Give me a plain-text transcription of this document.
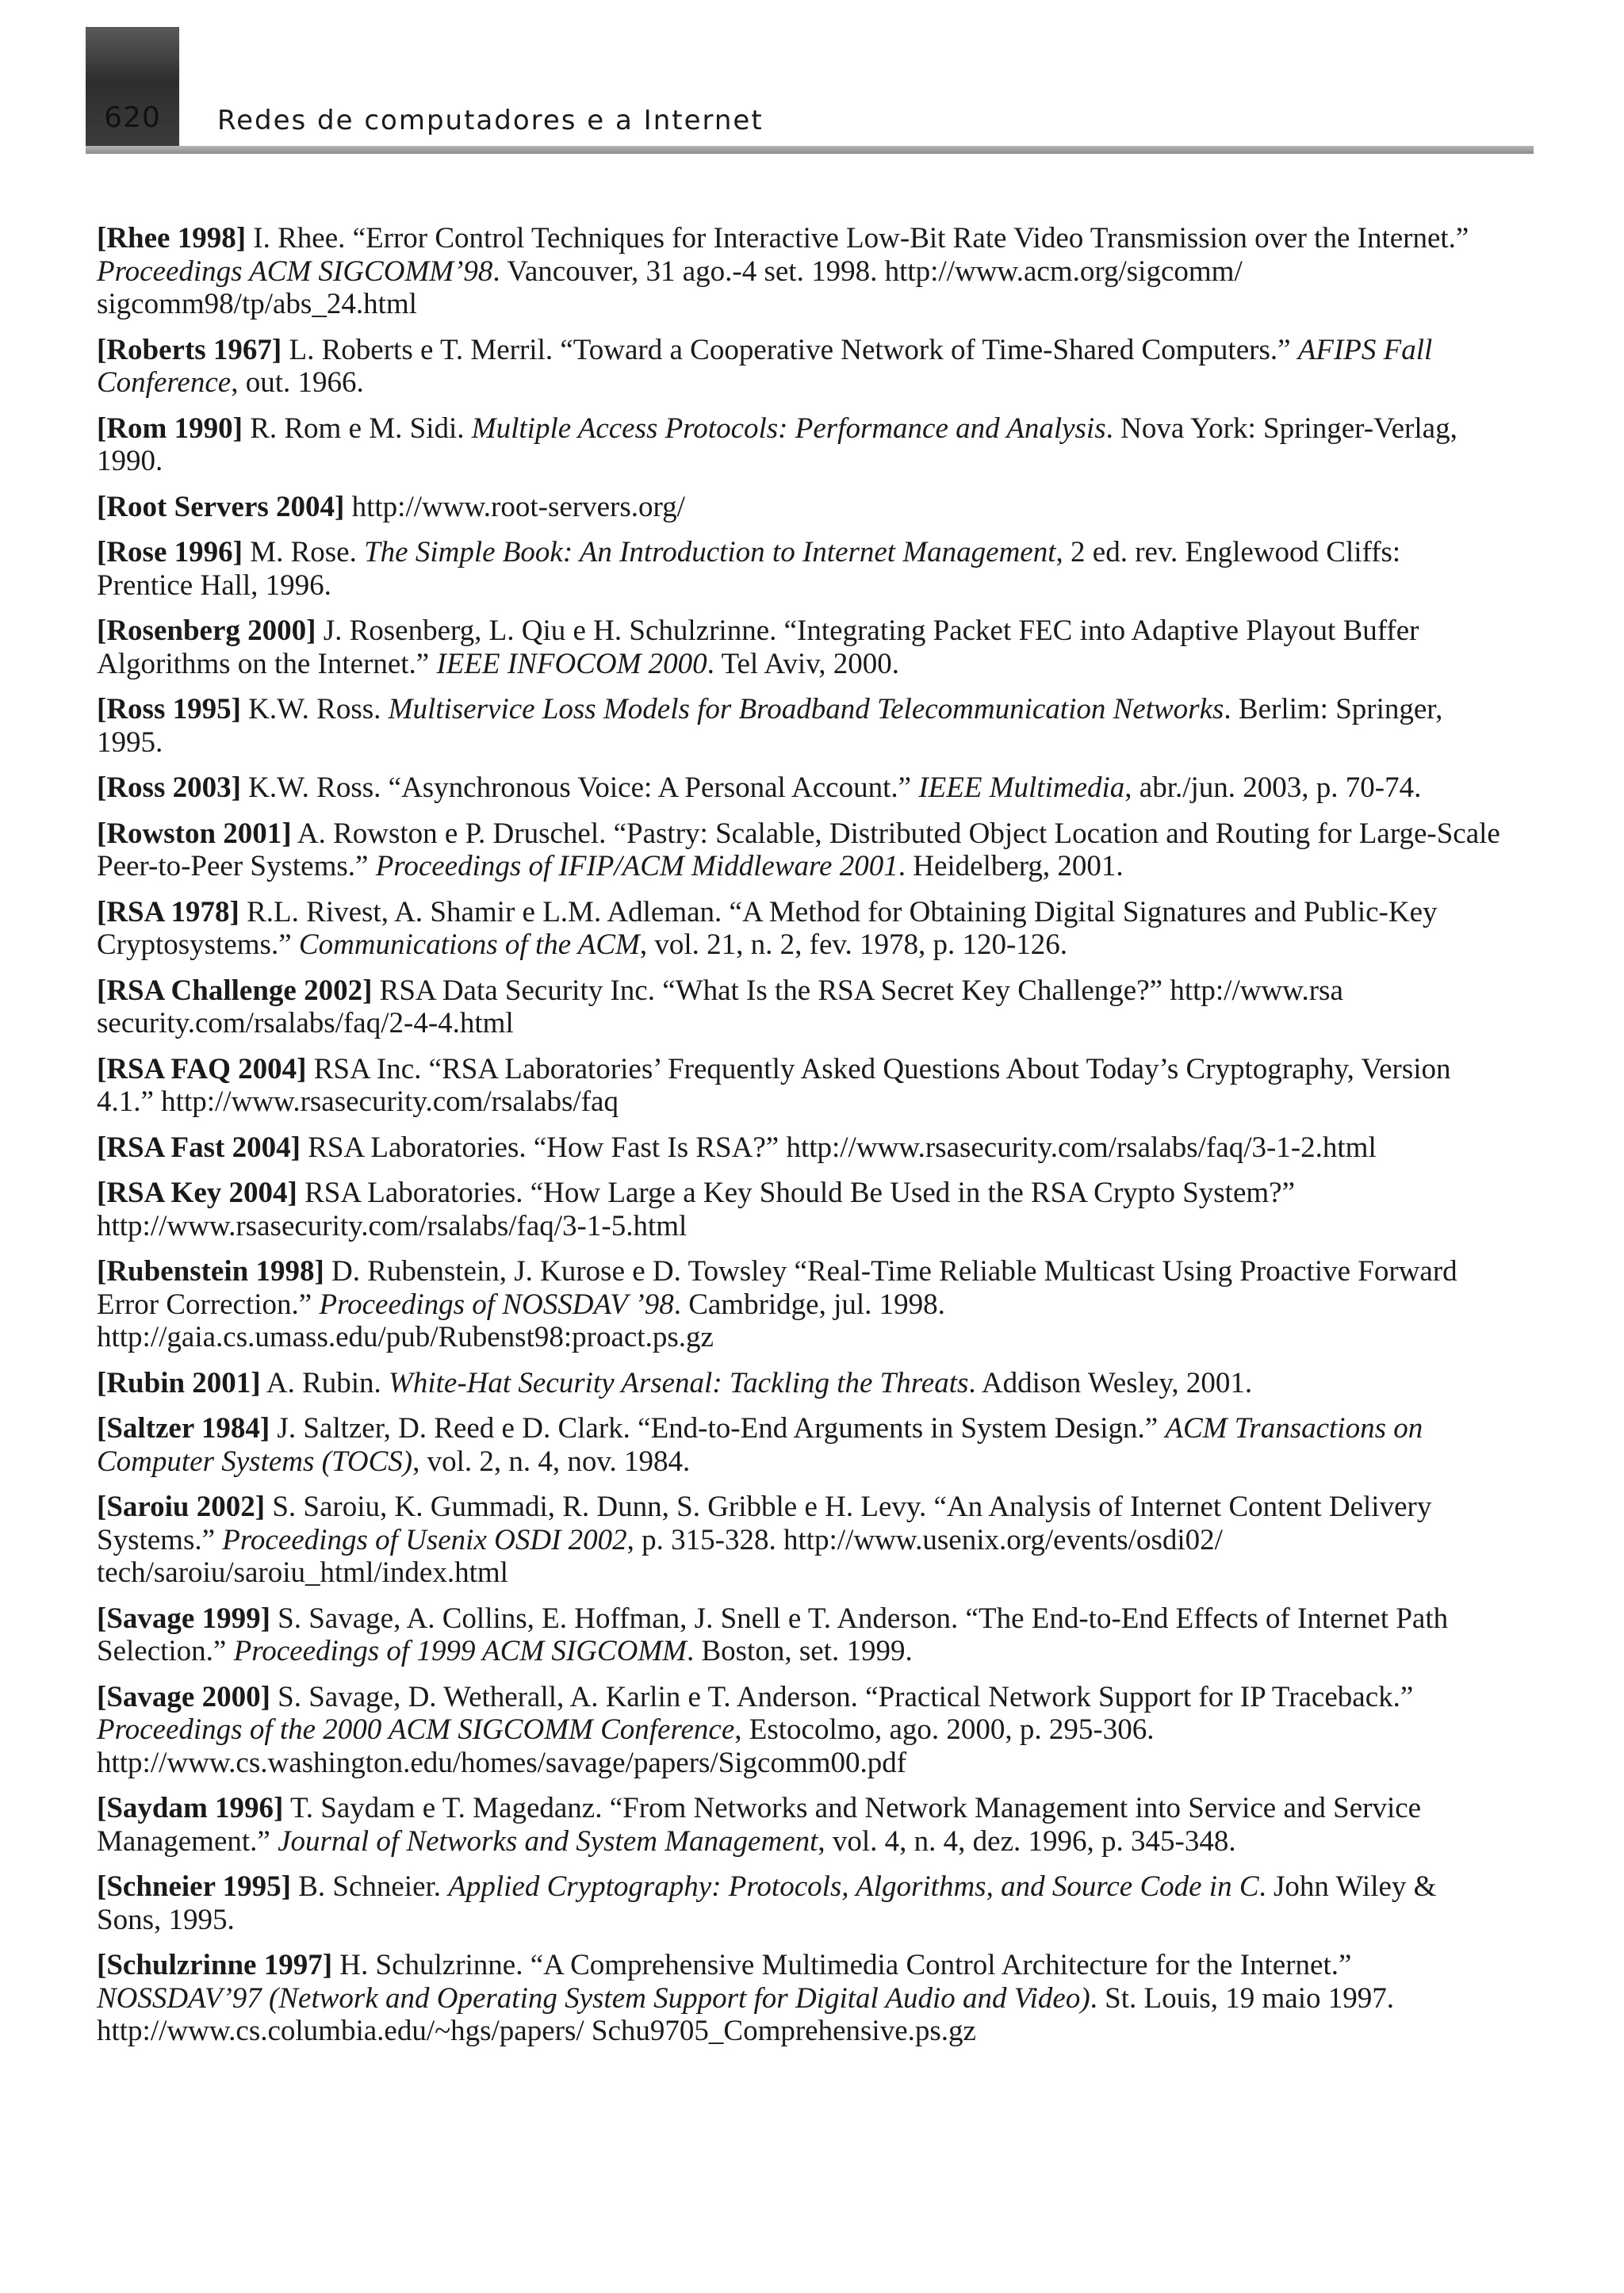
620	Redes de computadores e a Internet

[Rhee 1998] I. Rhee. “Error Control Techniques for Interactive Low-Bit Rate Video Transmission over the Internet.” Proceedings ACM SIGCOMM’98. Vancouver, 31 ago.-4 set. 1998. http://www.acm.org/sigcomm/ sigcomm98/tp/abs_24.html

[Roberts 1967] L. Roberts e T. Merril. “Toward a Cooperative Network of Time-Shared Computers.” AFIPS Fall Conference, out. 1966.

[Rom 1990] R. Rom e M. Sidi. Multiple Access Protocols: Performance and Analysis. Nova York: Springer-Verlag, 1990.

[Root Servers 2004] http://www.root-servers.org/

[Rose 1996] M. Rose. The Simple Book: An Introduction to Internet Management, 2 ed. rev. Englewood Cliffs: Prentice Hall, 1996.

[Rosenberg 2000] J. Rosenberg, L. Qiu e H. Schulzrinne. “Integrating Packet FEC into Adaptive Playout Buffer Algorithms on the Internet.” IEEE INFOCOM 2000. Tel Aviv, 2000.

[Ross 1995] K.W. Ross. Multiservice Loss Models for Broadband Telecommunication Networks. Berlim: Springer, 1995.

[Ross 2003] K.W. Ross. “Asynchronous Voice: A Personal Account.” IEEE Multimedia, abr./jun. 2003, p. 70-74.

[Rowston 2001] A. Rowston e P. Druschel. “Pastry: Scalable, Distributed Object Location and Routing for Large-Scale Peer-to-Peer Systems.” Proceedings of IFIP/ACM Middleware 2001. Heidelberg, 2001.

[RSA 1978] R.L. Rivest, A. Shamir e L.M. Adleman. “A Method for Obtaining Digital Signatures and Public-Key Cryptosystems.” Communications of the ACM, vol. 21, n. 2, fev. 1978, p. 120-126.

[RSA Challenge 2002] RSA Data Security Inc. “What Is the RSA Secret Key Challenge?” http://www.rsa security.com/rsalabs/faq/2-4-4.html

[RSA FAQ 2004] RSA Inc. “RSA Laboratories’ Frequently Asked Questions About Today’s Cryptography, Version 4.1.” http://www.rsasecurity.com/rsalabs/faq

[RSA Fast 2004] RSA Laboratories. “How Fast Is RSA?” http://www.rsasecurity.com/rsalabs/faq/3-1-2.html

[RSA Key 2004] RSA Laboratories. “How Large a Key Should Be Used in the RSA Crypto System?” http://www.rsasecurity.com/rsalabs/faq/3-1-5.html

[Rubenstein 1998] D. Rubenstein, J. Kurose e D. Towsley “Real-Time Reliable Multicast Using Proactive Forward Error Correction.” Proceedings of NOSSDAV ’98. Cambridge, jul. 1998. http://gaia.cs.umass.edu/pub/Rubenst98:proact.ps.gz

[Rubin 2001] A. Rubin. White-Hat Security Arsenal: Tackling the Threats. Addison Wesley, 2001.

[Saltzer 1984] J. Saltzer, D. Reed e D. Clark. “End-to-End Arguments in System Design.” ACM Transactions on Computer Systems (TOCS), vol. 2, n. 4, nov. 1984.

[Saroiu 2002] S. Saroiu, K. Gummadi, R. Dunn, S. Gribble e H. Levy. “An Analysis of Internet Content Delivery Systems.” Proceedings of Usenix OSDI 2002, p. 315-328. http://www.usenix.org/events/osdi02/ tech/saroiu/saroiu_html/index.html

[Savage 1999] S. Savage, A. Collins, E. Hoffman, J. Snell e T. Anderson. “The End-to-End Effects of Internet Path Selection.” Proceedings of 1999 ACM SIGCOMM. Boston, set. 1999.

[Savage 2000] S. Savage, D. Wetherall, A. Karlin e T. Anderson. “Practical Network Support for IP Traceback.” Proceedings of the 2000 ACM SIGCOMM Conference, Estocolmo, ago. 2000, p. 295-306. http://www.cs.washington.edu/homes/savage/papers/Sigcomm00.pdf

[Saydam 1996] T. Saydam e T. Magedanz. “From Networks and Network Management into Service and Service Management.” Journal of Networks and System Management, vol. 4, n. 4, dez. 1996, p. 345-348.

[Schneier 1995] B. Schneier. Applied Cryptography: Protocols, Algorithms, and Source Code in C. John Wiley & Sons, 1995.

[Schulzrinne 1997] H. Schulzrinne. “A Comprehensive Multimedia Control Architecture for the Internet.” NOSSDAV’97 (Network and Operating System Support for Digital Audio and Video). St. Louis, 19 maio 1997. http://www.cs.columbia.edu/~hgs/papers/ Schu9705_Comprehensive.ps.gz
